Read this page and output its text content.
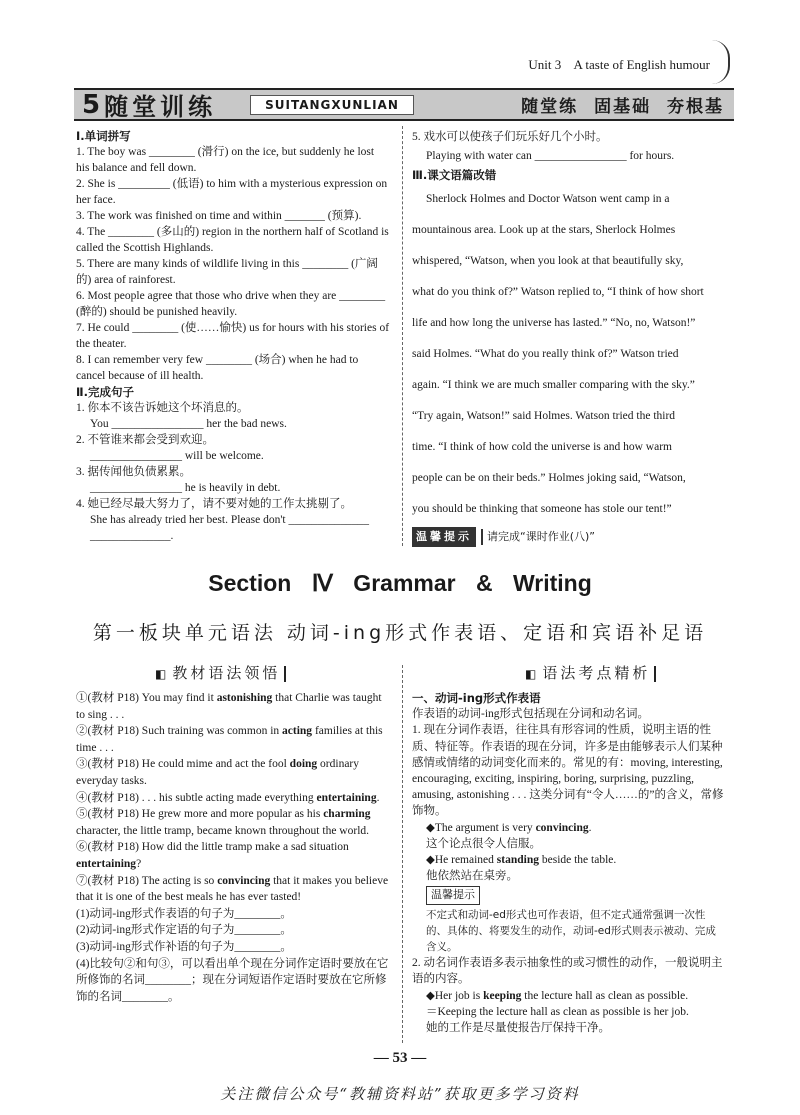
Unit 3 A taste of English humour
5 随堂训练	SUITANGXUNLIAN	随堂练 固基础 夯根基

Ⅰ.单词拼写

1. The boy was ________ (滑行) on the ice, but suddenly he lost his balance and fell down.

2. She is _________ (低语) to him with a mysterious expression on her face.

3. The work was finished on time and within _______ (预算).

4. The ________ (多山的) region in the northern half of Scotland is called the Scottish Highlands.

5. There are many kinds of wildlife living in this ________ (广阔的) area of rainforest.

6. Most people agree that those who drive when they are ________ (醉的) should be punished heavily.

7. He could ________ (使……愉快) us for hours with his stories of the theater.

8. I can remember very few ________ (场合) when he had to cancel because of ill health.

Ⅱ.完成句子

1. 你本不该告诉她这个坏消息的。

You ________________ her the bad news.

2. 不管谁来都会受到欢迎。

________________ will be welcome.

3. 据传闻他负债累累。

________________ he is heavily in debt.

4. 她已经尽最大努力了，请不要对她的工作太挑剔了。

She has already tried her best. Please don't ______________

______________.

5. 戏水可以使孩子们玩乐好几个小时。

Playing with water can ________________ for hours.

Ⅲ.课文语篇改错

Sherlock Holmes and Doctor Watson went camp in a

mountainous area. Look up at the stars, Sherlock Holmes

whispered, “Watson, when you look at that beautifully sky,

what do you think of?” Watson replied to, “I think of how short

life and how long the universe has lasted.” “No, no, Watson!”

said Holmes. “What do you really think of?” Watson tried

again. “I think we are much smaller comparing with the sky.”

“Try again, Watson!” said Holmes. Watson tried the third

time. “I think of how cold the universe is and how warm

people can be on their beds.” Holmes joking said, “Watson,

you should be thinking that someone has stole our tent!”

温馨提示	请完成“课时作业(八)”
Section Ⅳ Grammar & Writing
第一板块单元语法 动词-ing形式作表语、定语和宾语补足语
◧ 教材语法领悟	◧ 语法考点精析

①(教材 P18) You may find it astonishing that Charlie was taught to sing . . .

②(教材 P18) Such training was common in acting families at this time . . .

③(教材 P18) He could mime and act the fool doing ordinary everyday tasks.

④(教材 P18) . . . his subtle acting made everything entertaining.

⑤(教材 P18) He grew more and more popular as his charming character, the little tramp, became known throughout the world.

⑥(教材 P18) How did the little tramp make a sad situation entertaining?

⑦(教材 P18) The acting is so convincing that it makes you believe that it is one of the best meals he has ever tasted!

(1)动词-ing形式作表语的句子为________。

(2)动词-ing形式作定语的句子为________。

(3)动词-ing形式作补语的句子为________。

(4)比较句②和句③，可以看出单个现在分词作定语时要放在它所修饰的名词________；现在分词短语作定语时要放在它所修饰的名词________。

一、动词-ing形式作表语

作表语的动词-ing形式包括现在分词和动名词。

1. 现在分词作表语，往往具有形容词的性质，说明主语的性质、特征等。作表语的现在分词，许多是由能够表示人们某种感情或情绪的动词变化而来的。常见的有：moving, interesting, encouraging, exciting, inspiring, boring, surprising, puzzling, amusing, astonishing . . . 这类分词有“令人……的”的含义，常修饰物。

◆The argument is very convincing.

这个论点很令人信服。

◆He remained standing beside the table.

他依然站在桌旁。

温馨提示

不定式和动词-ed形式也可作表语，但不定式通常强调一次性的、具体的、将要发生的动作，动词-ed形式则表示被动、完成含义。

2. 动名词作表语多表示抽象性的或习惯性的动作，一般说明主语的内容。

◆Her job is keeping the lecture hall as clean as possible.

＝Keeping the lecture hall as clean as possible is her job.

她的工作是尽量使报告厅保持干净。

— 53 —
关注微信公众号“教辅资料站”获取更多学习资料
